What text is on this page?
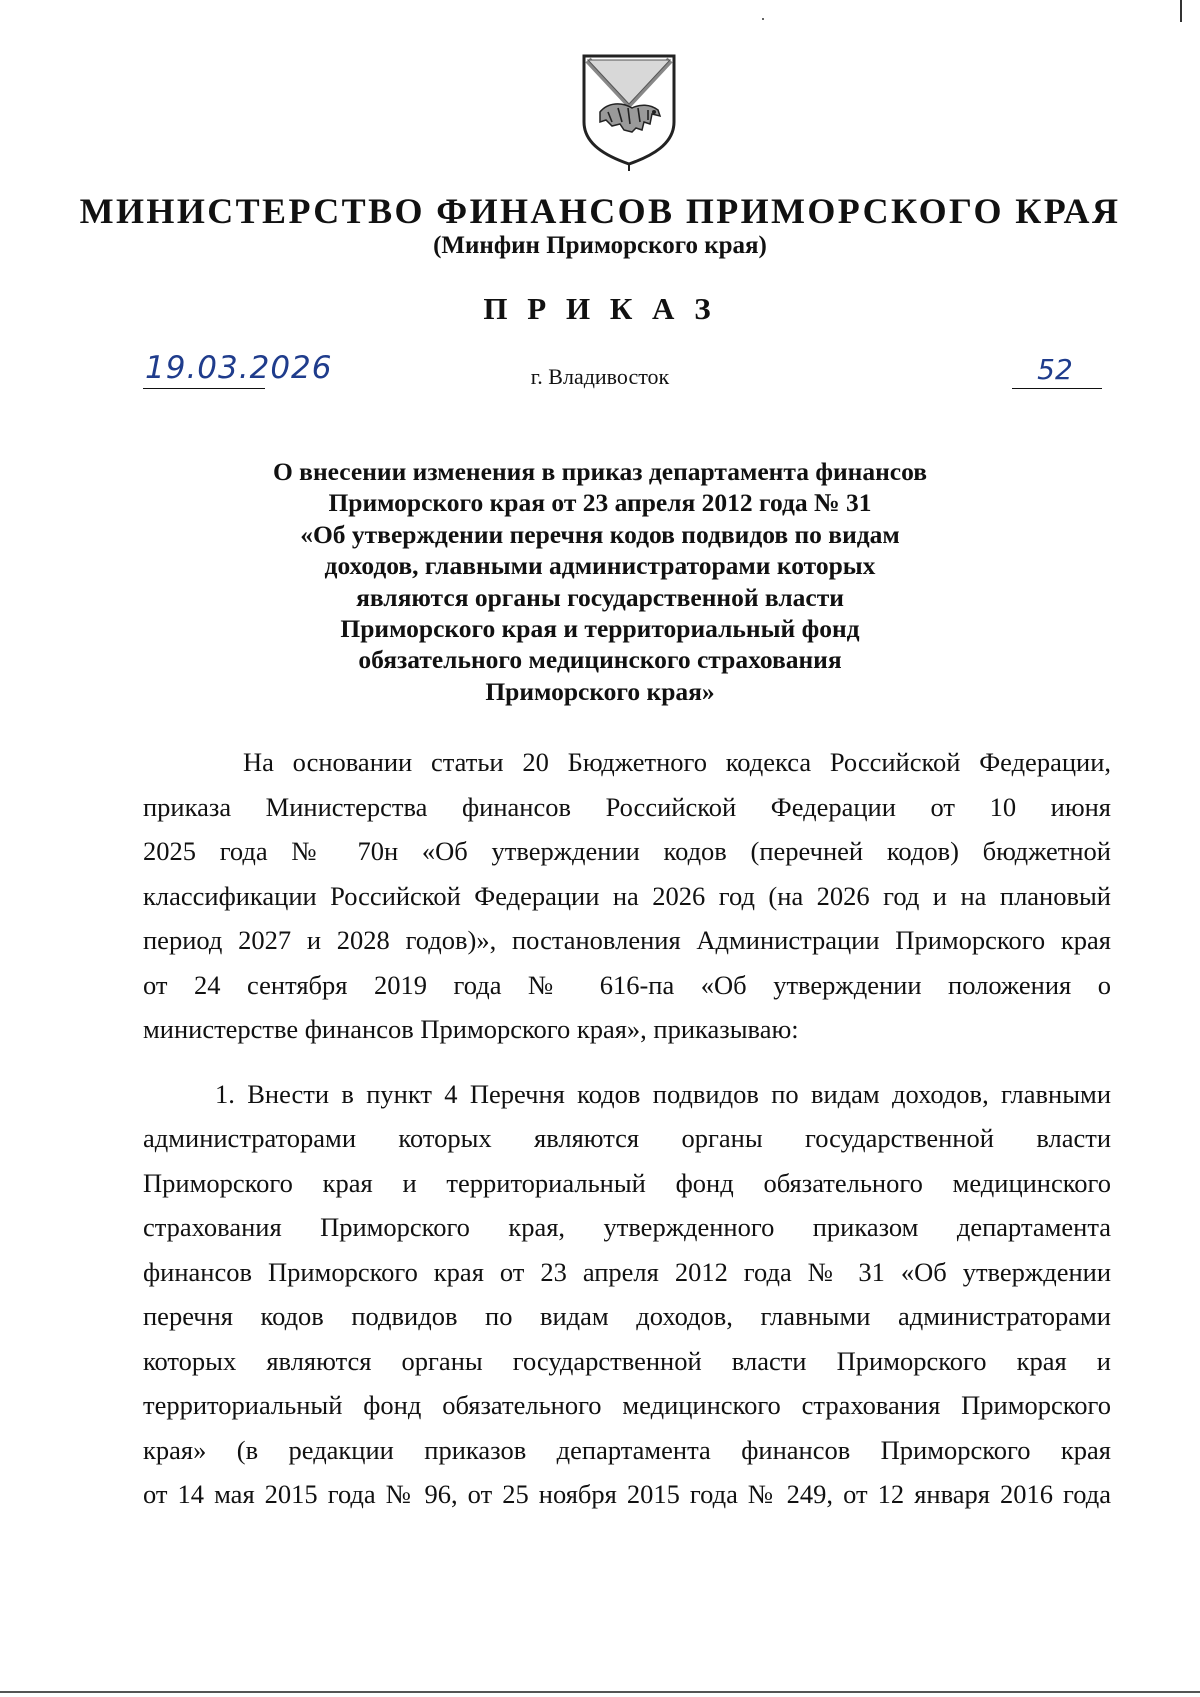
МИНИСТЕРСТВО ФИНАНСОВ ПРИМОРСКОГО КРАЯ
(Минфин Приморского края)
П Р И К А З
19.03.2026	г. Владивосток	52
О внесении изменения в приказ департамента финансов
Приморского края от 23 апреля 2012 года № 31
«Об утверждении перечня кодов подвидов по видам
доходов, главными администраторами которых
являются органы государственной власти
Приморского края и территориальный фонд
обязательного медицинского страхования
Приморского края»
На основании статьи 20 Бюджетного кодекса Российской Федерации,
приказа Министерства финансов Российской Федерации от 10 июня
2025 года № 70н «Об утверждении кодов (перечней кодов) бюджетной
классификации Российской Федерации на 2026 год (на 2026 год и на плановый
период 2027 и 2028 годов)», постановления Администрации Приморского края
от 24 сентября 2019 года № 616-па «Об утверждении положения о
министерстве финансов Приморского края», приказываю:
1. Внести в пункт 4 Перечня кодов подвидов по видам доходов, главными
администраторами которых являются органы государственной власти
Приморского края и территориальный фонд обязательного медицинского
страхования Приморского края, утвержденного приказом департамента
финансов Приморского края от 23 апреля 2012 года № 31 «Об утверждении
перечня кодов подвидов по видам доходов, главными администраторами
которых являются органы государственной власти Приморского края и
территориальный фонд обязательного медицинского страхования Приморского
края» (в редакции приказов департамента финансов Приморского края
от 14 мая 2015 года № 96, от 25 ноября 2015 года № 249, от 12 января 2016 года
